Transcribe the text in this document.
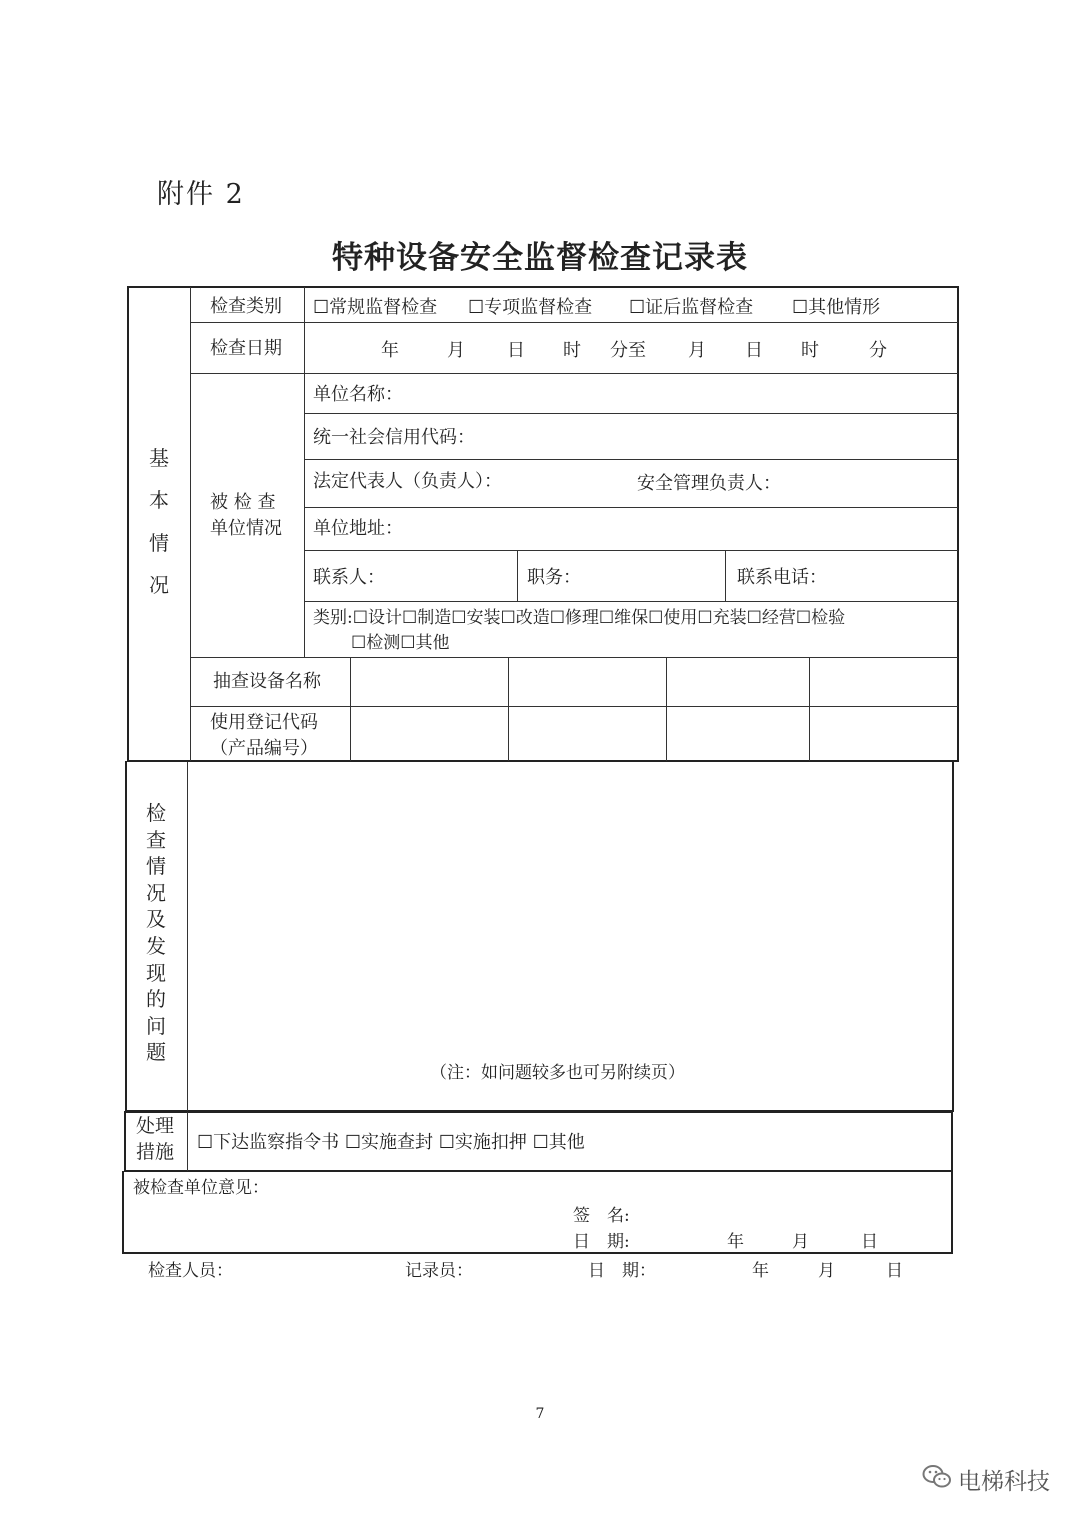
附件 2
特种设备安全监督检查记录表
基
本
情
况
检查类别 ☐常规监督检查 ☐专项监督检查 ☐证后监督检查 ☐其他情形
检查日期	年	月 日 时 分至 月 日 时	分
被 检 查
单位情况
单位名称：
统一社会信用代码：
法定代表人（负责人）：	安全管理负责人：
单位地址：
联系人：	职务：	联系电话：
类别:☐设计☐制造☐安装☐改造☐修理☐维保☐使用☐充装☐经营☐检验
☐检测☐其他
抽查设备名称
使用登记代码
（产品编号）
检
查
情
况
及
发
现
的
问
题
（注：如问题较多也可另附续页）
处理
措施 ☐下达监察指令书 ☐实施查封 ☐实施扣押 ☐其他
被检查单位意见：
签　名:
日　期:	年	月	日
检查人员：	记录员：	日　期：	年	月	日
7
电梯科技
